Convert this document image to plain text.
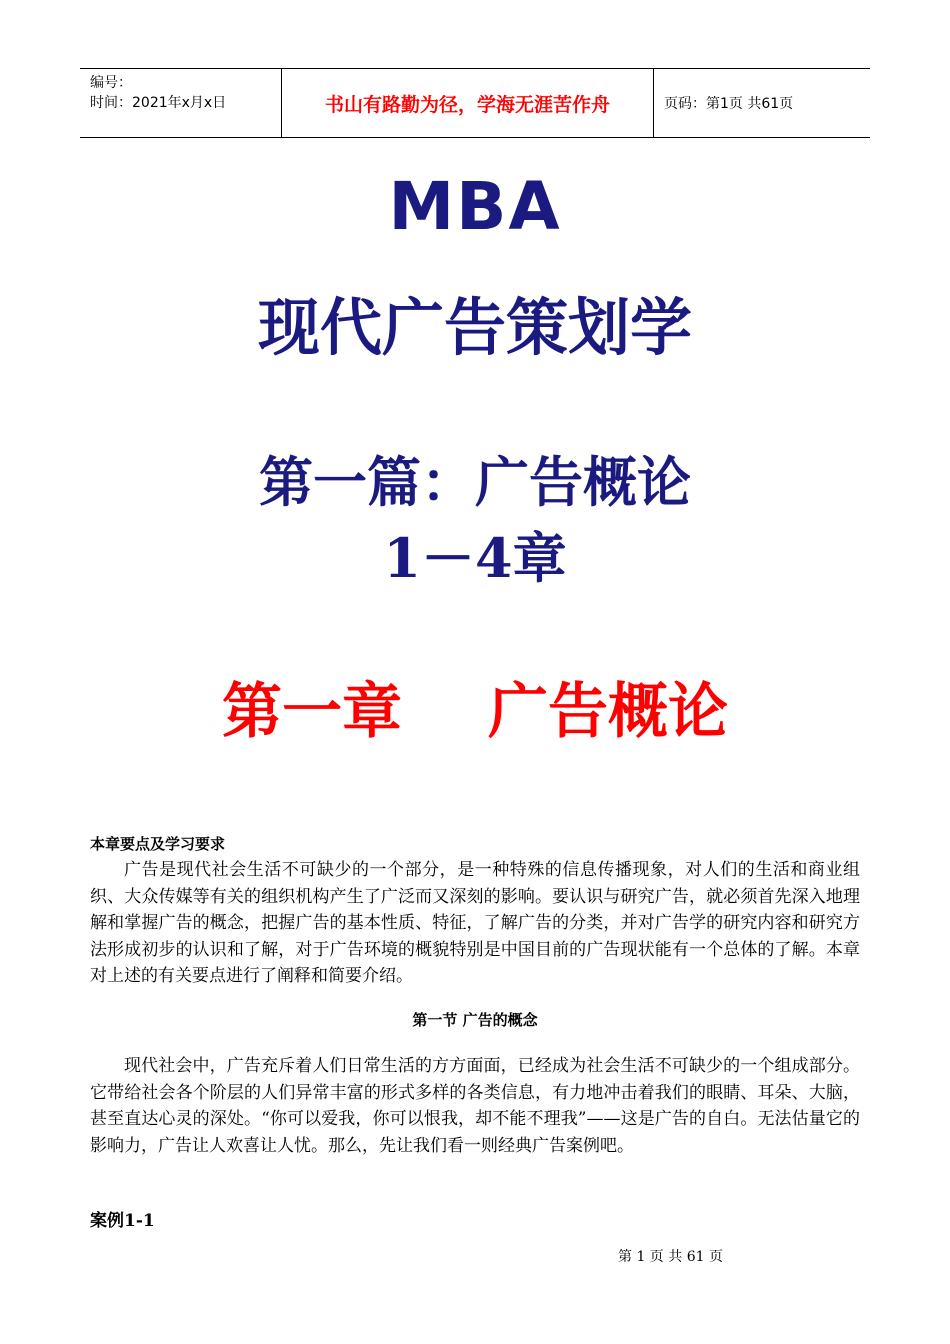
编号：
时间：2021年x月x日	书山有路勤为径，学海无涯苦作舟	页码：第1页 共61页
MBA
现代广告策划学
第一篇：广告概论
1－4章
第一章 广告概论
本章要点及学习要求
广告是现代社会生活不可缺少的一个部分，是一种特殊的信息传播现象，对人们的生活和商业组织、大众传媒等有关的组织机构产生了广泛而又深刻的影响。要认识与研究广告，就必须首先深入地理解和掌握广告的概念，把握广告的基本性质、特征，了解广告的分类，并对广告学的研究内容和研究方法形成初步的认识和了解，对于广告环境的概貌特别是中国目前的广告现状能有一个总体的了解。本章对上述的有关要点进行了阐释和简要介绍。
第一节 广告的概念
现代社会中，广告充斥着人们日常生活的方方面面，已经成为社会生活不可缺少的一个组成部分。它带给社会各个阶层的人们异常丰富的形式多样的各类信息，有力地冲击着我们的眼睛、耳朵、大脑，甚至直达心灵的深处。“你可以爱我，你可以恨我，却不能不理我”——这是广告的自白。无法估量它的影响力，广告让人欢喜让人忧。那么，先让我们看一则经典广告案例吧。
案例1-1
第 1 页 共 61 页
